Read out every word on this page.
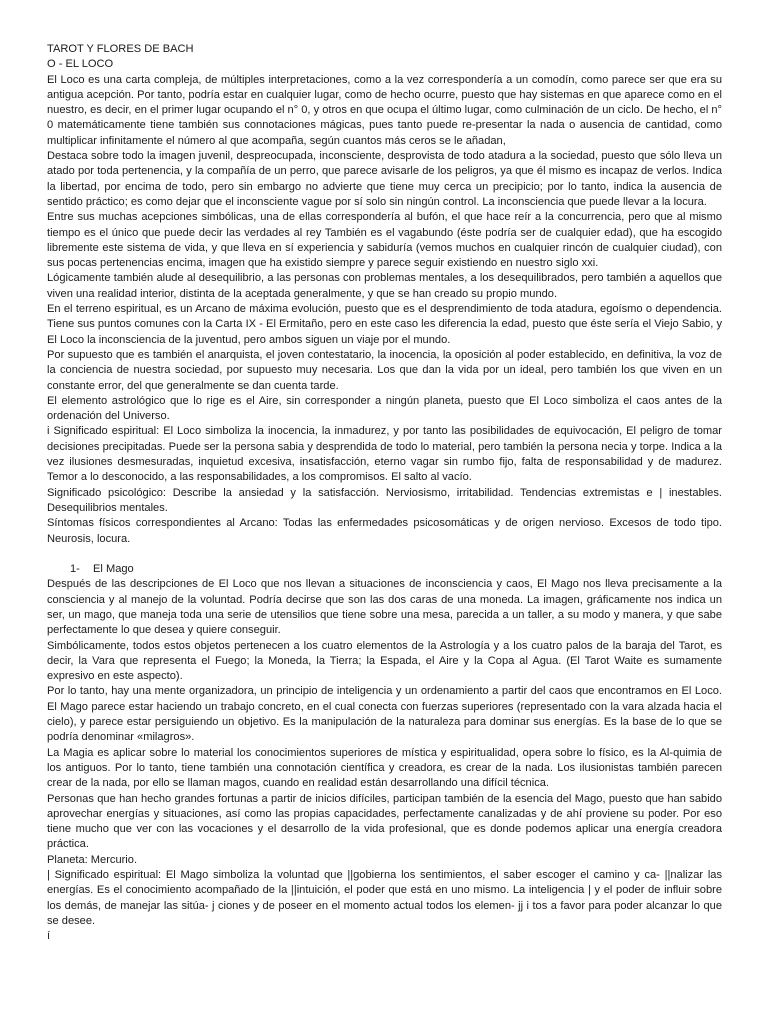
TAROT Y FLORES DE BACH

O - EL LOCO

El Loco es una carta compleja, de múltiples interpretaciones, como a la vez correspondería a un comodín, como parece ser que era su antigua acepción. Por tanto, podría estar en cualquier lugar, como de hecho ocurre, puesto que hay sistemas en que aparece como en el nuestro, es decir, en el primer lugar ocupando el n° 0, y otros en que ocupa el último lugar, como culminación de un ciclo. De hecho, el n° 0 matemáticamente tiene también sus connotaciones mágicas, pues tanto puede re-presentar la nada o ausencia de cantidad, como multiplicar infinitamente el número al que acompaña, según cuantos más ceros se le añadan,

Destaca sobre todo la imagen juvenil, despreocupada, inconsciente, desprovista de todo atadura a la sociedad, puesto que sólo lleva un atado por toda pertenencia, y la compañía de un perro, que parece avisarle de los peligros, ya que él mismo es incapaz de verlos. Indica la libertad, por encima de todo, pero sin embargo no advierte que tiene muy cerca un precipicio; por lo tanto, indica la ausencia de sentido práctico; es como dejar que el inconsciente vague por sí solo sin ningún control. La inconsciencia que puede llevar a la locura.

Entre sus muchas acepciones simbólicas, una de ellas correspondería al bufón, el que hace reír a la concurrencia, pero que al mismo tiempo es el único que puede decir las verdades al rey También es el vagabundo (éste podría ser de cualquier edad), que ha escogido libremente este sistema de vida, y que lleva en sí experiencia y sabiduría (vemos muchos en cualquier rincón de cualquier ciudad), con sus pocas pertenencias encima, imagen que ha existido siempre y parece seguir existiendo en nuestro siglo xxi.

Lógicamente también alude al desequilibrio, a las personas con problemas mentales, a los desequilibrados, pero también a aquellos que viven una realidad interior, distinta de la aceptada generalmente, y que se han creado su propio mundo.

En el terreno espiritual, es un Arcano de máxima evolución, puesto que es el desprendimiento de toda atadura, egoísmo o dependencia. Tiene sus puntos comunes con la Carta IX - El Ermitaño, pero en este caso les diferencia la edad, puesto que éste sería el Viejo Sabio, y El Loco la inconsciencia de la juventud, pero ambos siguen un viaje por el mundo.

Por supuesto que es también el anarquista, el joven contestatario, la inocencia, la oposición al poder establecido, en definitiva, la voz de la conciencia de nuestra sociedad, por supuesto muy necesaria. Los que dan la vida por un ideal, pero también los que viven en un constante error, del que generalmente se dan cuenta tarde.

El elemento astrológico que lo rige es el Aire, sin corresponder a ningún planeta, puesto que El Loco simboliza el caos antes de la ordenación del Universo.

i Significado espiritual: El Loco simboliza la inocencia, la inmadurez, y por tanto las posibilidades de equivocación, El peligro de tomar decisiones precipitadas. Puede ser la persona sabia y desprendida de todo lo material, pero también la persona necia y torpe. Indica a la vez ilusiones desmesuradas, inquietud excesiva, insatisfacción, eterno vagar sin rumbo fijo, falta de responsabilidad y de madurez. Temor a lo desconocido, a las responsabilidades, a los compromisos. El salto al vacío.

Significado psicológico: Describe la ansiedad y la satisfacción. Nerviosismo, irritabilidad. Tendencias extremistas e | inestables. Desequilibrios mentales.

Síntomas físicos correspondientes al Arcano: Todas las enfermedades psicosomáticas y de origen nervioso. Excesos de todo tipo. Neurosis, locura.

1- El Mago

Después de las descripciones de El Loco que nos llevan a situaciones de inconsciencia y caos, El Mago nos lleva precisamente a la consciencia y al manejo de la voluntad. Podría decirse que son las dos caras de una moneda. La imagen, gráficamente nos indica un ser, un mago, que maneja toda una serie de utensilios que tiene sobre una mesa, parecida a un taller, a su modo y manera, y que sabe perfectamente lo que desea y quiere conseguir.

Simbólicamente, todos estos objetos pertenecen a los cuatro elementos de la Astrología y a los cuatro palos de la baraja del Tarot, es decir, la Vara que representa el Fuego; la Moneda, la Tierra; la Espada, el Aire y la Copa al Agua. (El Tarot Waite es sumamente expresivo en este aspecto).

Por lo tanto, hay una mente organizadora, un principio de inteligencia y un ordenamiento a partir del caos que encontramos en El Loco. El Mago parece estar haciendo un trabajo concreto, en el cual conecta con fuerzas superiores (representado con la vara alzada hacia el cielo), y parece estar persiguiendo un objetivo. Es la manipulación de la naturaleza para dominar sus energías. Es la base de lo que se podría denominar «milagros».

La Magia es aplicar sobre lo material los conocimientos superiores de mística y espiritualidad, opera sobre lo físico, es la Al-quimia de los antiguos. Por lo tanto, tiene también una connotación científica y creadora, es crear de la nada. Los ilusionistas también parecen crear de la nada, por ello se llaman magos, cuando en realidad están desarrollando una difícil técnica.

Personas que han hecho grandes fortunas a partir de inicios difíciles, participan también de la esencia del Mago, puesto que han sabido aprovechar energías y situaciones, así como las propias capacidades, perfectamente canalizadas y de ahí proviene su poder. Por eso tiene mucho que ver con las vocaciones y el desarrollo de la vida profesional, que es donde podemos aplicar una energía creadora práctica.

Planeta: Mercurio.

| Significado espiritual: El Mago simboliza la voluntad que ||gobierna los sentimientos, el saber escoger el camino y ca- ||nalizar las energías. Es el conocimiento acompañado de la ||intuición, el poder que está en uno mismo. La inteligencia | y el poder de influir sobre los demás, de manejar las sitúa- j ciones y de poseer en el momento actual todos los elemen- jj i tos a favor para poder alcanzar lo que se desee.

í
